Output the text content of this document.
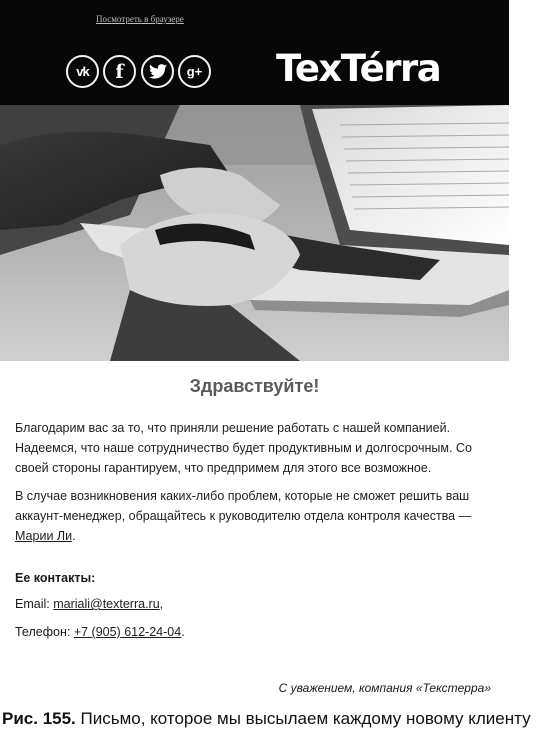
Посмотреть в браузере
vk f	g+ TexTérra
Здравствуйте!

Благодарим вас за то, что приняли решение работать с нашей компанией. Надеемся, что наше сотрудничество будет продуктивным и долгосрочным. Со своей стороны гарантируем, что предпримем для этого все возможное.

В случае возникновения каких-либо проблем, которые не сможет решить ваш аккаунт-менеджер, обращайтесь к руководителю отдела контроля качества — Марии Ли.

Ее контакты:
Email: mariali@texterra.ru,
Телефон: +7 (905) 612-24-04.
С уважением, компания «Текстерра»
Рис. 155. Письмо, которое мы высылаем каждому новому клиенту
